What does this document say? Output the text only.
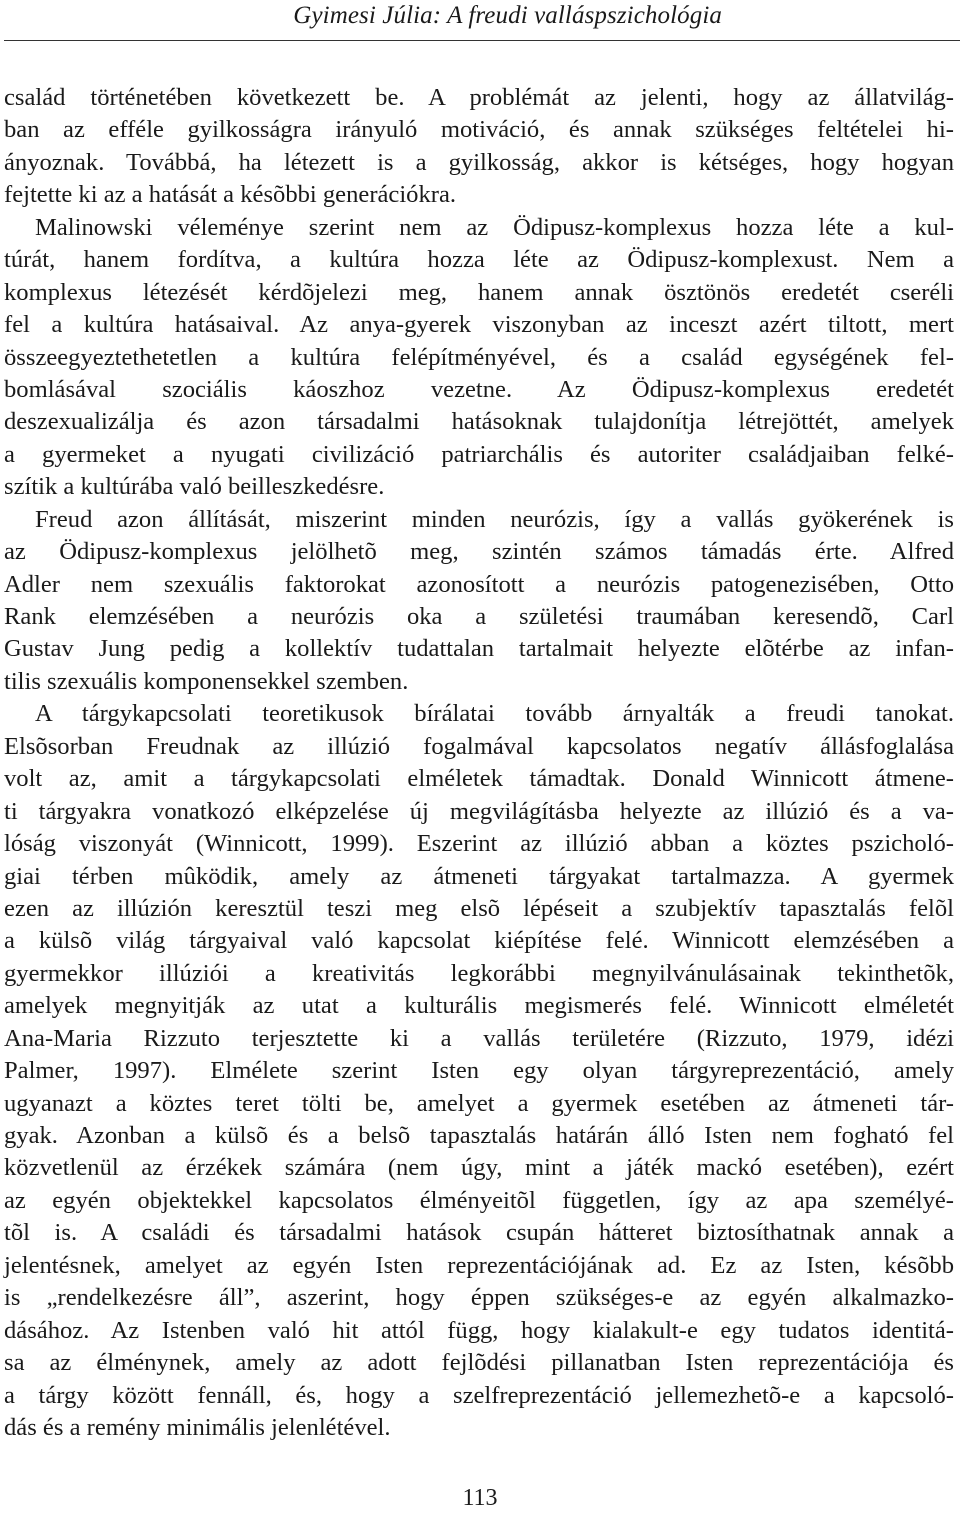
Gyimesi Júlia: A freudi valláspszichológia
család történetében következett be. A problémát az jelenti, hogy az állatvilág-
ban az efféle gyilkosságra irányuló motiváció, és annak szükséges feltételei hi-
ányoznak. Továbbá, ha létezett is a gyilkosság, akkor is kétséges, hogy hogyan
fejtette ki az a hatását a késõbbi generációkra.
Malinowski véleménye szerint nem az Ödipusz-komplexus hozza léte a kul-
túrát, hanem fordítva, a kultúra hozza léte az Ödipusz-komplexust. Nem a
komplexus létezését kérdõjelezi meg, hanem annak ösztönös eredetét cseréli
fel a kultúra hatásaival. Az anya-gyerek viszonyban az inceszt azért tiltott, mert
összeegyeztethetetlen a kultúra felépítményével, és a család egységének fel-
bomlásával szociális káoszhoz vezetne. Az Ödipusz-komplexus eredetét
deszexualizálja és azon társadalmi hatásoknak tulajdonítja létrejöttét, amelyek
a gyermeket a nyugati civilizáció patriarchális és autoriter családjaiban felké-
szítik a kultúrába való beilleszkedésre.
Freud azon állítását, miszerint minden neurózis, így a vallás gyökerének is
az Ödipusz-komplexus jelölhetõ meg, szintén számos támadás érte. Alfred
Adler nem szexuális faktorokat azonosított a neurózis patogenezisében, Otto
Rank elemzésében a neurózis oka a születési traumában keresendõ, Carl
Gustav Jung pedig a kollektív tudattalan tartalmait helyezte elõtérbe az infan-
tilis szexuális komponensekkel szemben.
A tárgykapcsolati teoretikusok bírálatai tovább árnyalták a freudi tanokat.
Elsõsorban Freudnak az illúzió fogalmával kapcsolatos negatív állásfoglalása
volt az, amit a tárgykapcsolati elméletek támadtak. Donald Winnicott átmene-
ti tárgyakra vonatkozó elképzelése új megvilágításba helyezte az illúzió és a va-
lóság viszonyát (Winnicott, 1999). Eszerint az illúzió abban a köztes pszicholó-
giai térben mûködik, amely az átmeneti tárgyakat tartalmazza. A gyermek
ezen az illúzión keresztül teszi meg elsõ lépéseit a szubjektív tapasztalás felõl
a külsõ világ tárgyaival való kapcsolat kiépítése felé. Winnicott elemzésében a
gyermekkor illúziói a kreativitás legkorábbi megnyilvánulásainak tekinthetõk,
amelyek megnyitják az utat a kulturális megismerés felé. Winnicott elméletét
Ana-Maria Rizzuto terjesztette ki a vallás területére (Rizzuto, 1979, idézi
Palmer, 1997). Elmélete szerint Isten egy olyan tárgyreprezentáció, amely
ugyanazt a köztes teret tölti be, amelyet a gyermek esetében az átmeneti tár-
gyak. Azonban a külsõ és a belsõ tapasztalás határán álló Isten nem fogható fel
közvetlenül az érzékek számára (nem úgy, mint a játék mackó esetében), ezért
az egyén objektekkel kapcsolatos élményeitõl független, így az apa személyé-
tõl is. A családi és társadalmi hatások csupán hátteret biztosíthatnak annak a
jelentésnek, amelyet az egyén Isten reprezentációjának ad. Ez az Isten, késõbb
is „rendelkezésre áll”, aszerint, hogy éppen szükséges-e az egyén alkalmazko-
dásához. Az Istenben való hit attól függ, hogy kialakult-e egy tudatos identitá-
sa az élménynek, amely az adott fejlõdési pillanatban Isten reprezentációja és
a tárgy között fennáll, és, hogy a szelfreprezentáció jellemezhetõ-e a kapcsoló-
dás és a remény minimális jelenlétével.
113
